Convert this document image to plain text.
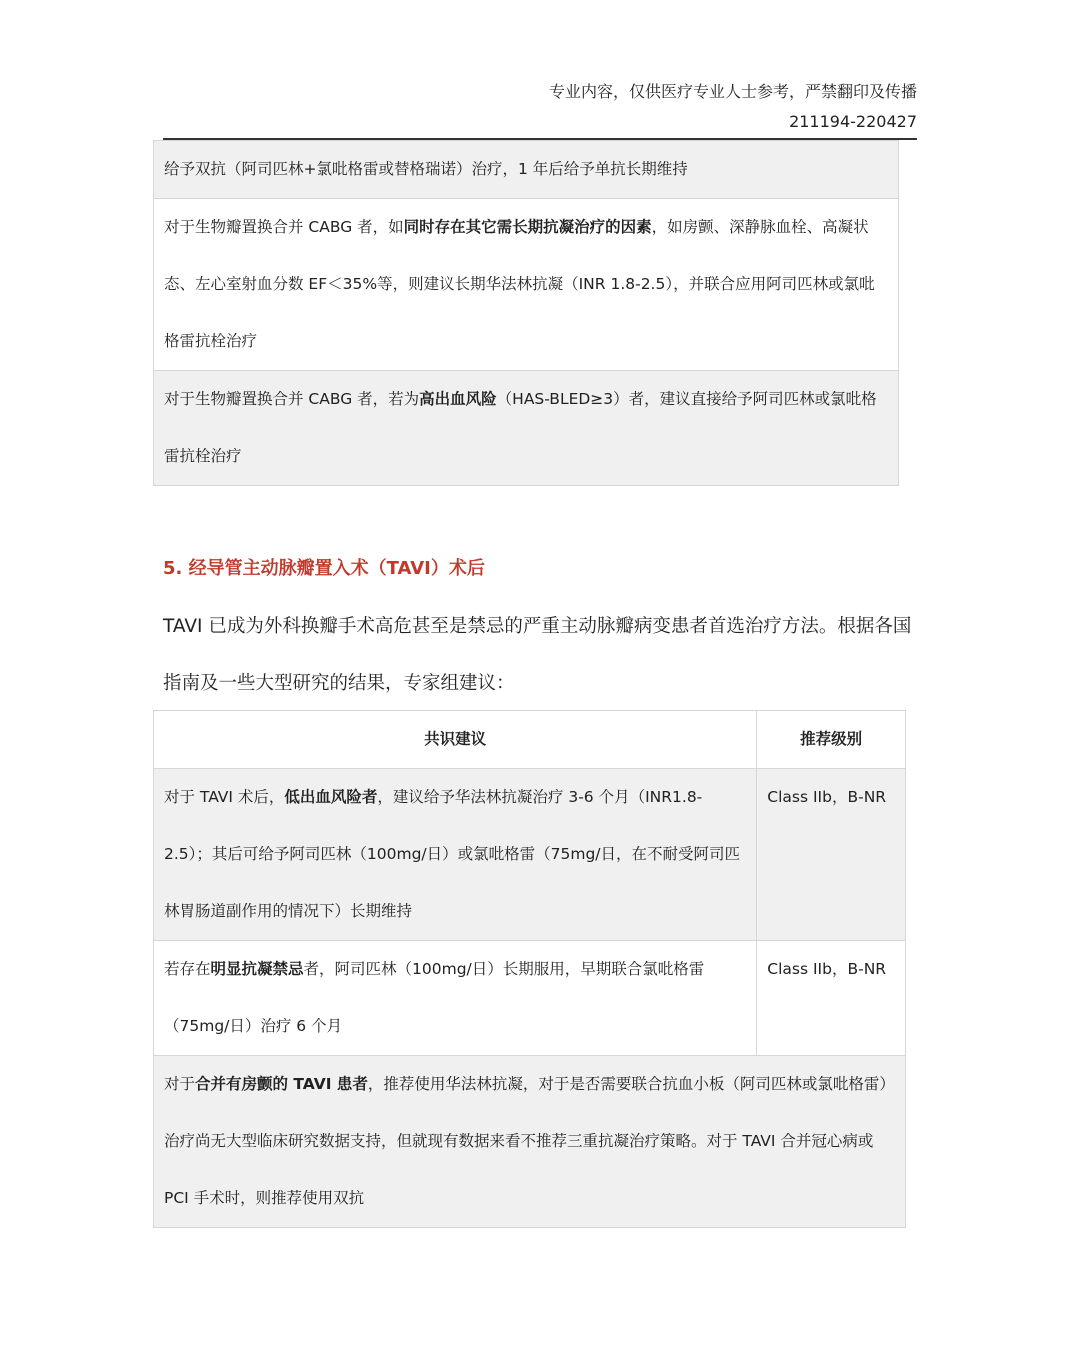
专业内容，仅供医疗专业人士参考，严禁翻印及传播
211194-220427
给予双抗（阿司匹林+氯吡格雷或替格瑞诺）治疗，1 年后给予单抗长期维持
对于生物瓣置换合并 CABG 者，如同时存在其它需长期抗凝治疗的因素，如房颤、深静脉血栓、高凝状态、左心室射血分数 EF＜35%等，则建议长期华法林抗凝（INR 1.8-2.5），并联合应用阿司匹林或氯吡格雷抗栓治疗
对于生物瓣置换合并 CABG 者，若为高出血风险（HAS-BLED≥3）者，建议直接给予阿司匹林或氯吡格雷抗栓治疗
5. 经导管主动脉瓣置入术（TAVI）术后
TAVI 已成为外科换瓣手术高危甚至是禁忌的严重主动脉瓣病变患者首选治疗方法。根据各国指南及一些大型研究的结果，专家组建议：
共识建议	推荐级别
对于 TAVI 术后，低出血风险者，建议给予华法林抗凝治疗 3-6 个月（INR1.8-2.5）；其后可给予阿司匹林（100mg/日）或氯吡格雷（75mg/日，在不耐受阿司匹林胃肠道副作用的情况下）长期维持	Class IIb，B-NR
若存在明显抗凝禁忌者，阿司匹林（100mg/日）长期服用，早期联合氯吡格雷（75mg/日）治疗 6 个月	Class IIb，B-NR
对于合并有房颤的 TAVI 患者，推荐使用华法林抗凝，对于是否需要联合抗血小板（阿司匹林或氯吡格雷）治疗尚无大型临床研究数据支持，但就现有数据来看不推荐三重抗凝治疗策略。对于 TAVI 合并冠心病或 PCI 手术时，则推荐使用双抗	
